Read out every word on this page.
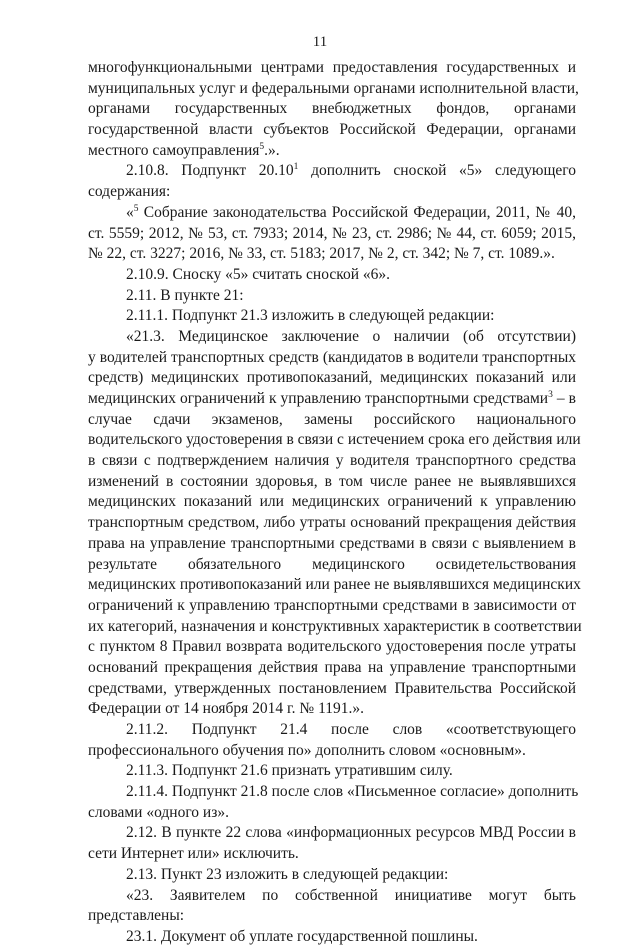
11
многофункциональными центрами предоставления государственных и
муниципальных услуг и федеральными органами исполнительной власти,
органами государственных внебюджетных фондов, органами
государственной власти субъектов Российской Федерации, органами
местного самоуправления$^5$.».
2.10.8. Подпункт 20.10$^1$ дополнить сноской «5» следующего
содержания:
«$^5$ Собрание законодательства Российской Федерации, 2011, № 40,
ст. 5559; 2012, № 53, ст. 7933; 2014, № 23, ст. 2986; № 44, ст. 6059; 2015,
№ 22, ст. 3227; 2016, № 33, ст. 5183; 2017, № 2, ст. 342; № 7, ст. 1089.».
2.10.9. Сноску «5» считать сноской «6».
2.11. В пункте 21:
2.11.1. Подпункт 21.3 изложить в следующей редакции:
«21.3. Медицинское заключение о наличии (об отсутствии)
у водителей транспортных средств (кандидатов в водители транспортных
средств) медицинских противопоказаний, медицинских показаний или
медицинских ограничений к управлению транспортными средствами$^3$ – в
случае сдачи экзаменов, замены российского национального
водительского удостоверения в связи с истечением срока его действия или
в связи с подтверждением наличия у водителя транспортного средства
изменений в состоянии здоровья, в том числе ранее не выявлявшихся
медицинских показаний или медицинских ограничений к управлению
транспортным средством, либо утраты оснований прекращения действия
права на управление транспортными средствами в связи с выявлением в
результате обязательного медицинского освидетельствования
медицинских противопоказаний или ранее не выявлявшихся медицинских
ограничений к управлению транспортными средствами в зависимости от
их категорий, назначения и конструктивных характеристик в соответствии
с пунктом 8 Правил возврата водительского удостоверения после утраты
оснований прекращения действия права на управление транспортными
средствами, утвержденных постановлением Правительства Российской
Федерации от 14 ноября 2014 г. № 1191.».
2.11.2. Подпункт 21.4 после слов «соответствующего
профессионального обучения по» дополнить словом «основным».
2.11.3. Подпункт 21.6 признать утратившим силу.
2.11.4. Подпункт 21.8 после слов «Письменное согласие» дополнить
словами «одного из».
2.12. В пункте 22 слова «информационных ресурсов МВД России в
сети Интернет или» исключить.
2.13. Пункт 23 изложить в следующей редакции:
«23. Заявителем по собственной инициативе могут быть
представлены:
23.1. Документ об уплате государственной пошлины.
